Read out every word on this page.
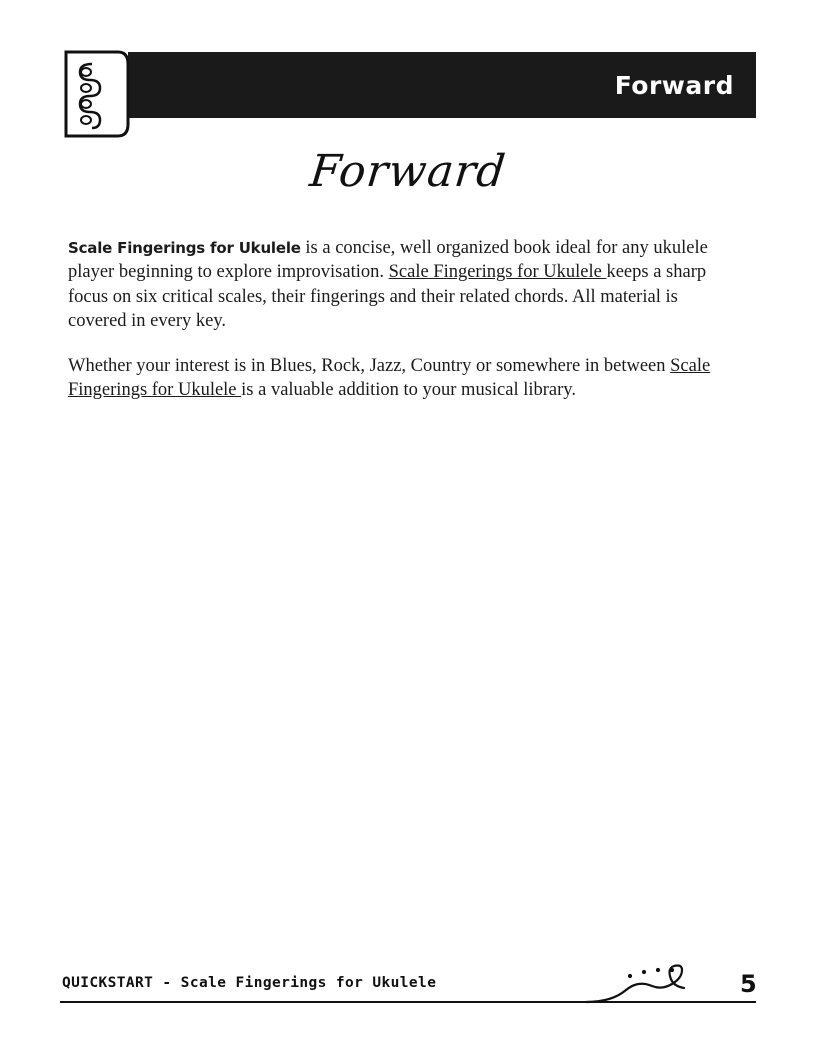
Forward
Forward

Scale Fingerings for Ukulele is a concise, well organized book ideal for any ukulele player beginning to explore improvisation. Scale Fingerings for Ukulele keeps a sharp focus on six critical scales, their fingerings and their related chords. All material is covered in every key.

Whether your interest is in Blues, Rock, Jazz, Country or somewhere in between Scale Fingerings for Ukulele is a valuable addition to your musical library.

QUICKSTART - Scale Fingerings for Ukulele	5
